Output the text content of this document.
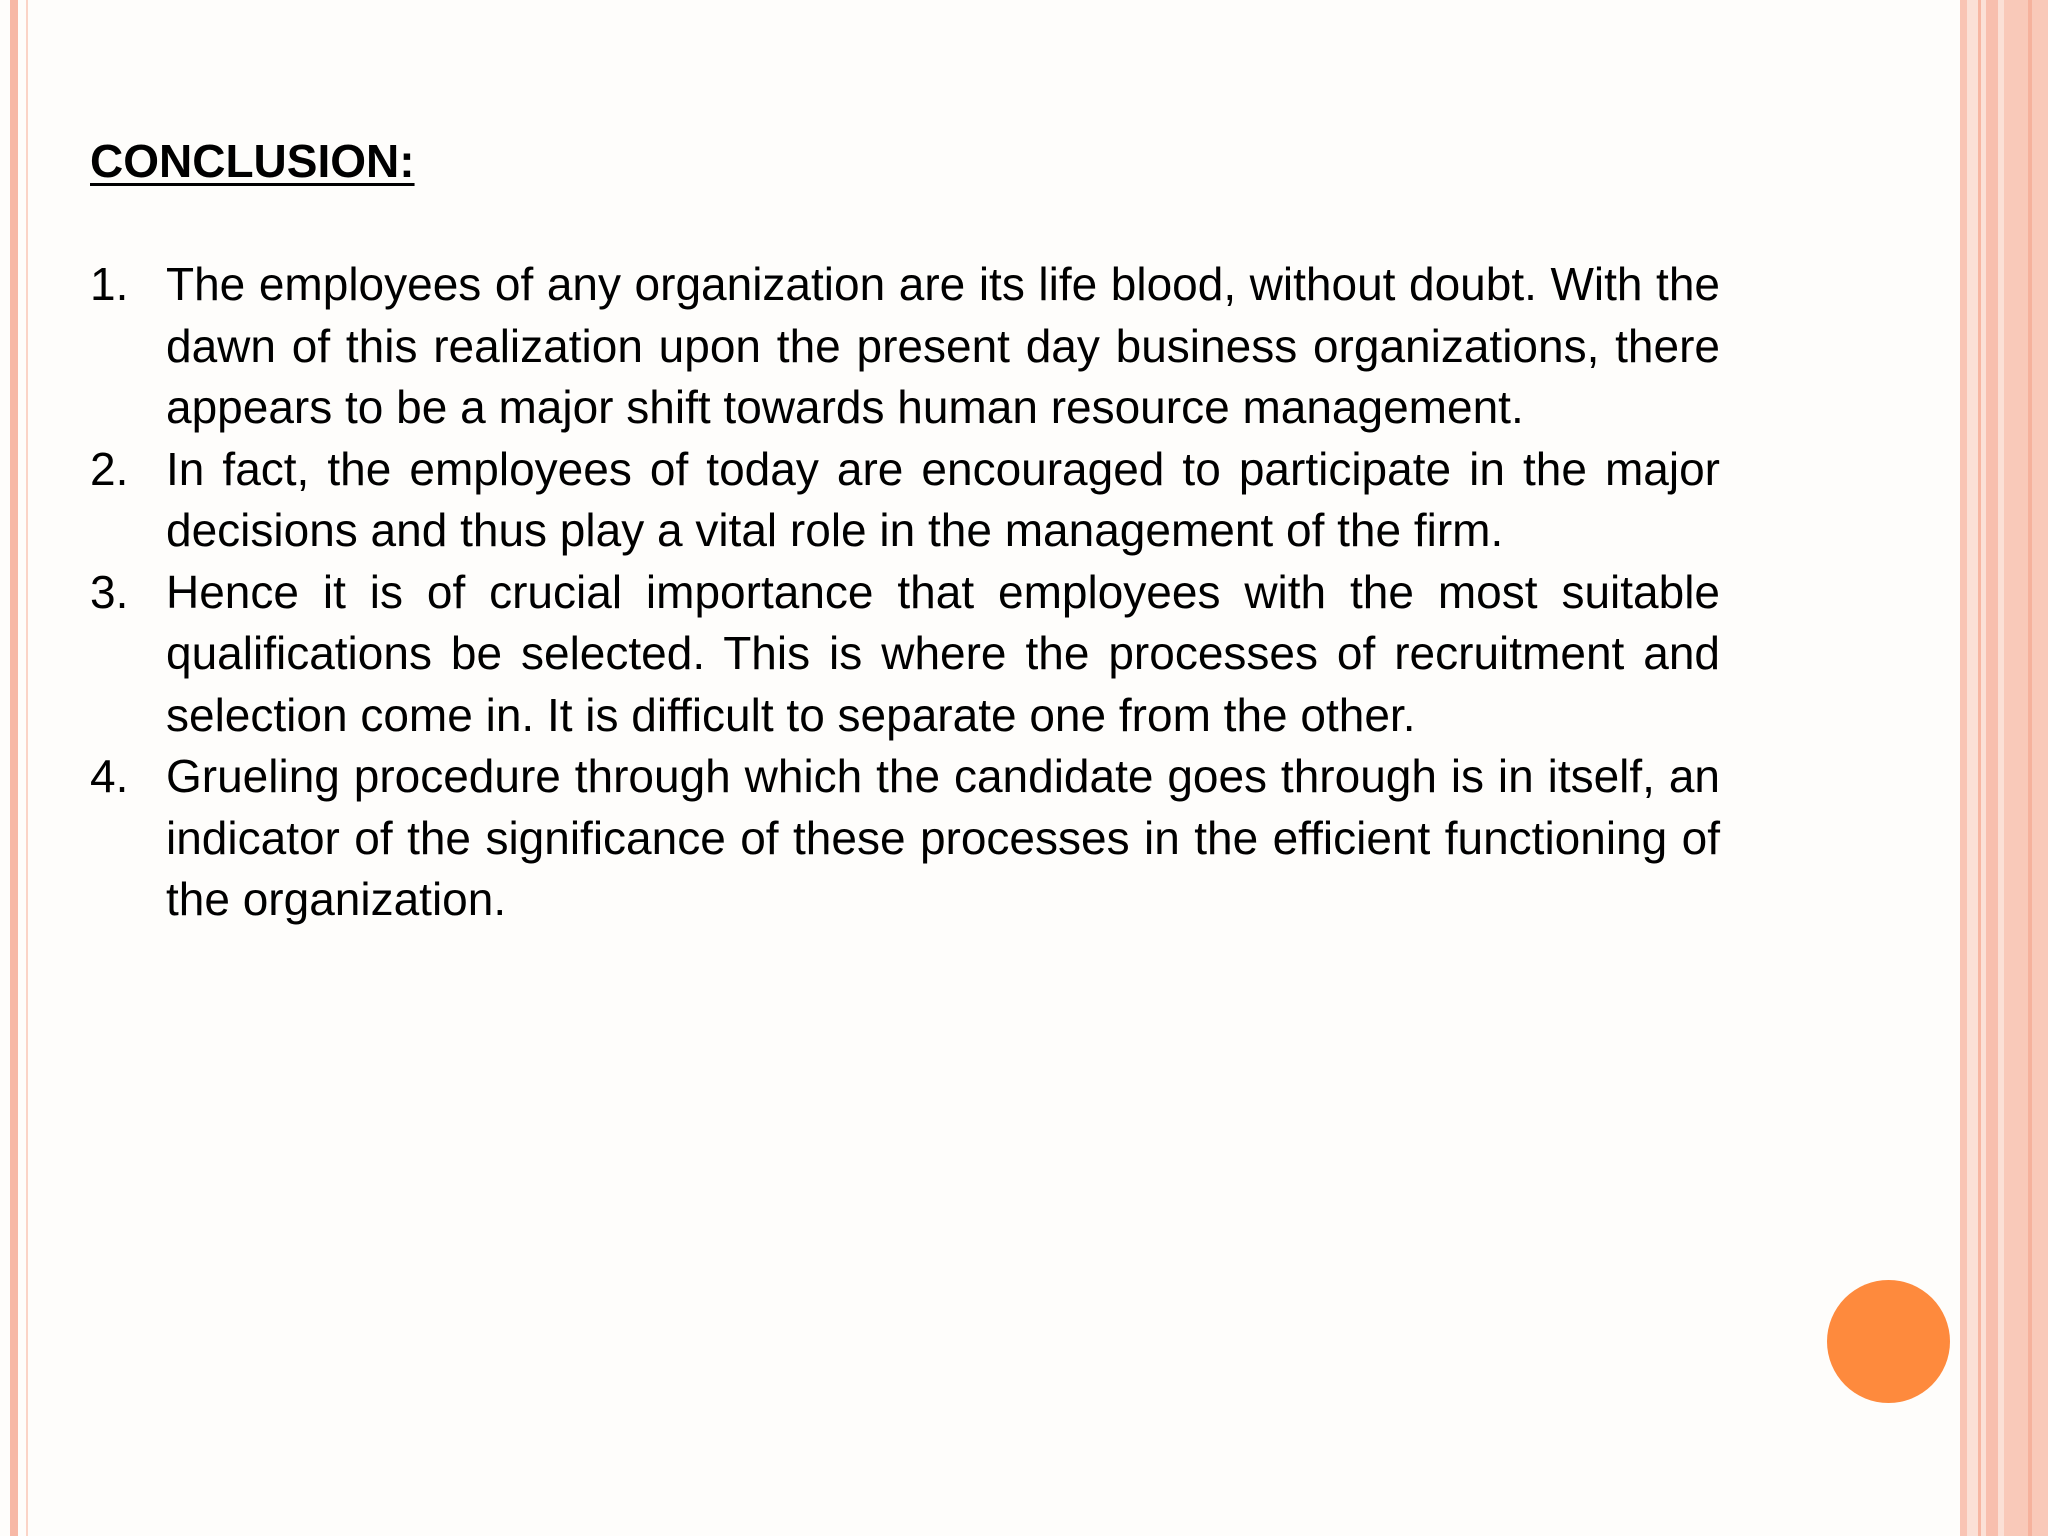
CONCLUSION:
1. The employees of any organization are its life blood, without doubt. With the dawn of this realization upon the present day business organizations, there appears to be a major shift towards human resource management.
2. In fact, the employees of today are encouraged to participate in the major decisions and thus play a vital role in the management of the firm.
3. Hence it is of crucial importance that employees with the most suitable qualifications be selected. This is where the processes of recruitment and selection come in. It is difficult to separate one from the other.
4. Grueling procedure through which the candidate goes through is in itself, an indicator of the significance of these processes in the efficient functioning of the organization.
